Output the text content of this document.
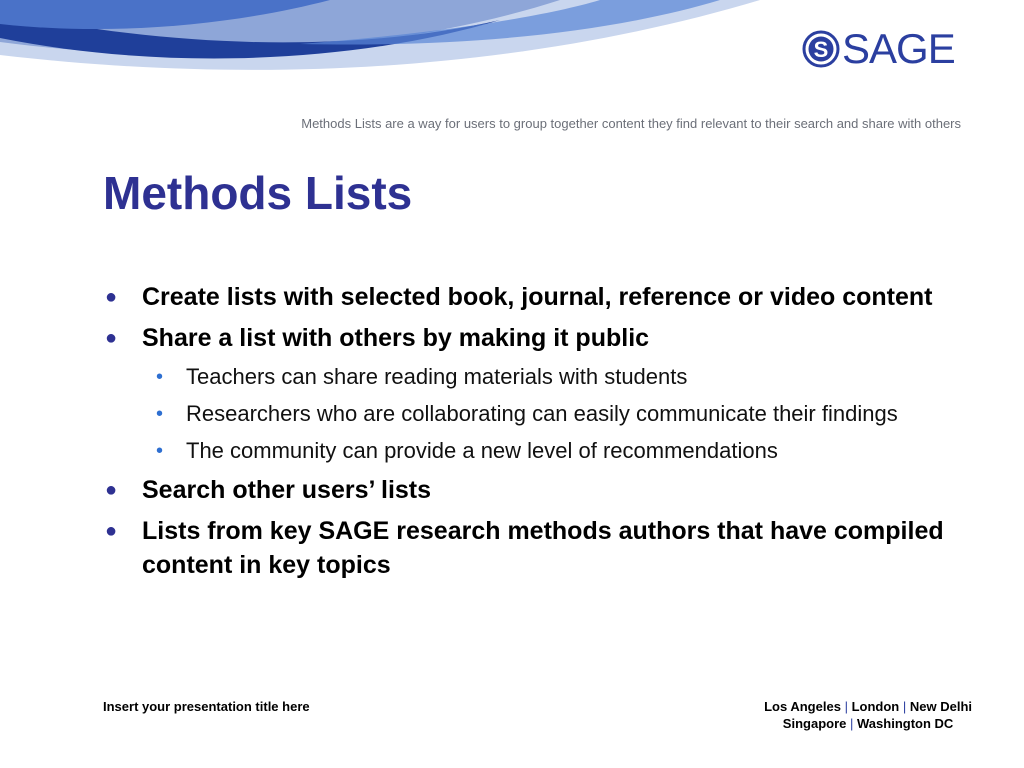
S SAGE
Methods Lists are a way for users to group together content they find relevant to their search and share with others
Methods Lists
● Create lists with selected book, journal, reference or video content
● Share a list with others by making it public
• Teachers can share reading materials with students
• Researchers who are collaborating can easily communicate their findings
• The community can provide a new level of recommendations
● Search other users’ lists
● Lists from key SAGE research methods authors that have compiled content in key topics
Insert your presentation title here	Los Angeles | London | New Delhi
Singapore | Washington DC
